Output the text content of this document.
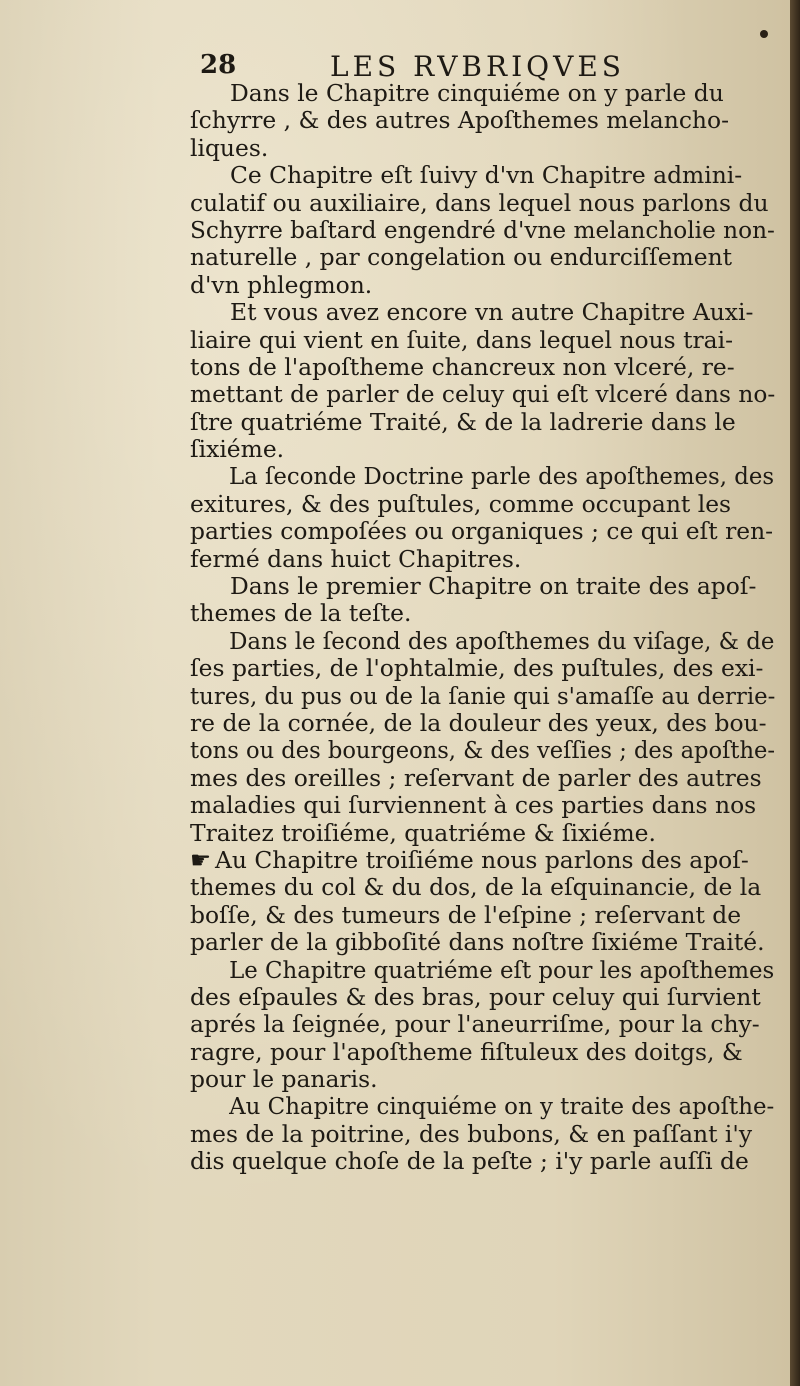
28	LES RVBRIQVES
Dans le Chapitre cinquiéme on y parle du
ſchyrre , & des autres Apoſthemes melancho-
liques.
Ce Chapitre eſt ſuivy d'vn Chapitre admini-
culatif ou auxiliaire, dans lequel nous parlons du
Schyrre baſtard engendré d'vne melancholie non-
naturelle , par congelation ou endurciſſement
d'vn phlegmon.
Et vous avez encore vn autre Chapitre Auxi-
liaire qui vient en ſuite, dans lequel nous trai-
tons de l'apoſtheme chancreux non vlceré, re-
mettant de parler de celuy qui eſt vlceré dans no-
ſtre quatriéme Traité, & de la ladrerie dans le
ſixiéme.
La ſeconde Doctrine parle des apoſthemes, des
exitures, & des puſtules, comme occupant les
parties compoſées ou organiques ; ce qui eſt ren-
fermé dans huict Chapitres.
Dans le premier Chapitre on traite des apoſ-
themes de la teſte.
Dans le ſecond des apoſthemes du viſage, & de
ſes parties, de l'ophtalmie, des puſtules, des exi-
tures, du pus ou de la ſanie qui s'amaſſe au derrie-
re de la cornée, de la douleur des yeux, des bou-
tons ou des bourgeons, & des veſſies ; des apoſthe-
mes des oreilles ; reſervant de parler des autres
maladies qui ſurviennent à ces parties dans nos
Traitez troiſiéme, quatriéme & ſixiéme.
☛ Au Chapitre troiſiéme nous parlons des apoſ-
themes du col & du dos, de la eſquinancie, de la
boſſe, & des tumeurs de l'eſpine ; reſervant de
parler de la gibboſité dans noſtre ſixiéme Traité.
Le Chapitre quatriéme eſt pour les apoſthemes
des eſpaules & des bras, pour celuy qui ſurvient
aprés la ſeignée, pour l'aneurriſme, pour la chy-
ragre, pour l'apoſtheme fiſtuleux des doitgs, &
pour le panaris.
Au Chapitre cinquiéme on y traite des apoſthe-
mes de la poitrine, des bubons, & en paſſant i'y
dis quelque choſe de la peſte ; i'y parle auſſi de
